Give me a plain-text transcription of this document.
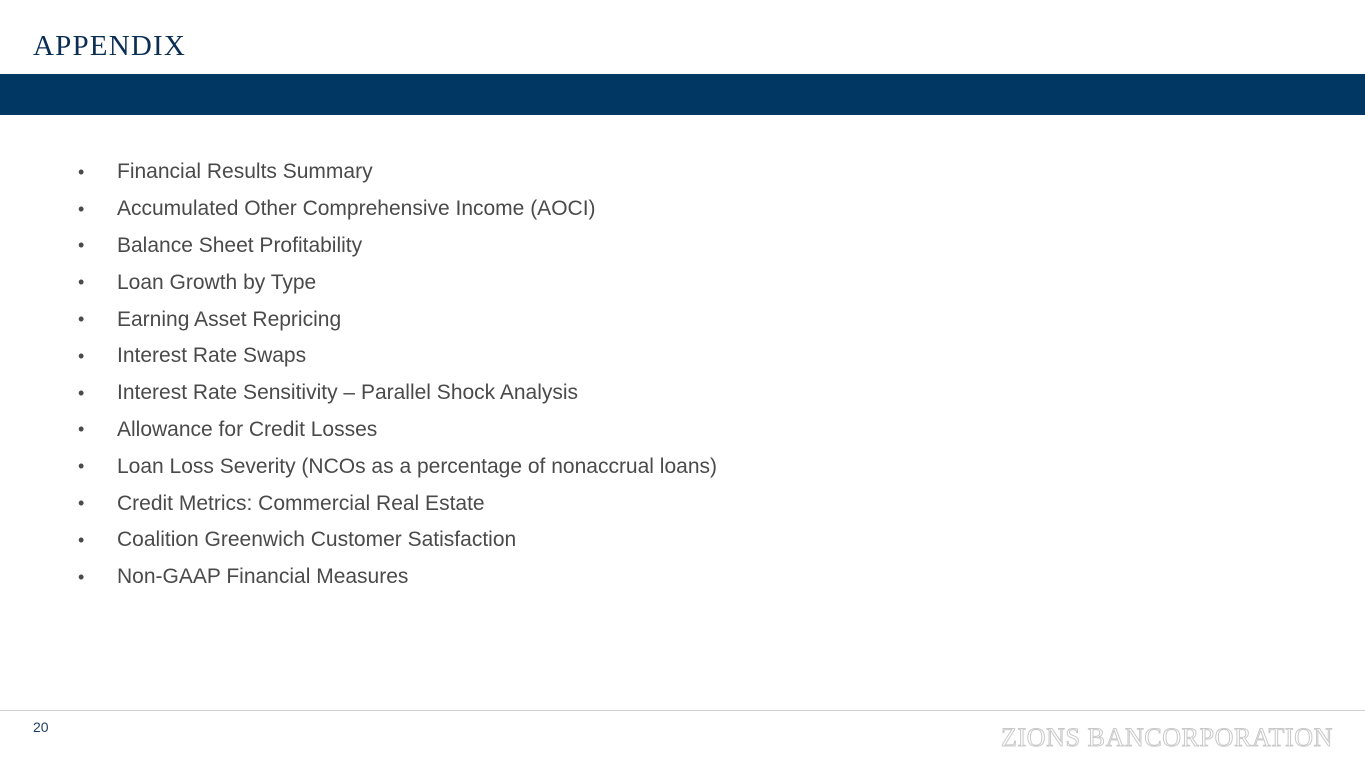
APPENDIX
•	Financial Results Summary
•	Accumulated Other Comprehensive Income (AOCI)
•	Balance Sheet Profitability
•	Loan Growth by Type
•	Earning Asset Repricing
•	Interest Rate Swaps
•	Interest Rate Sensitivity – Parallel Shock Analysis
•	Allowance for Credit Losses
•	Loan Loss Severity (NCOs as a percentage of nonaccrual loans)
•	Credit Metrics: Commercial Real Estate
•	Coalition Greenwich Customer Satisfaction
•	Non-GAAP Financial Measures
20	ZIONS BANCORPORATION
